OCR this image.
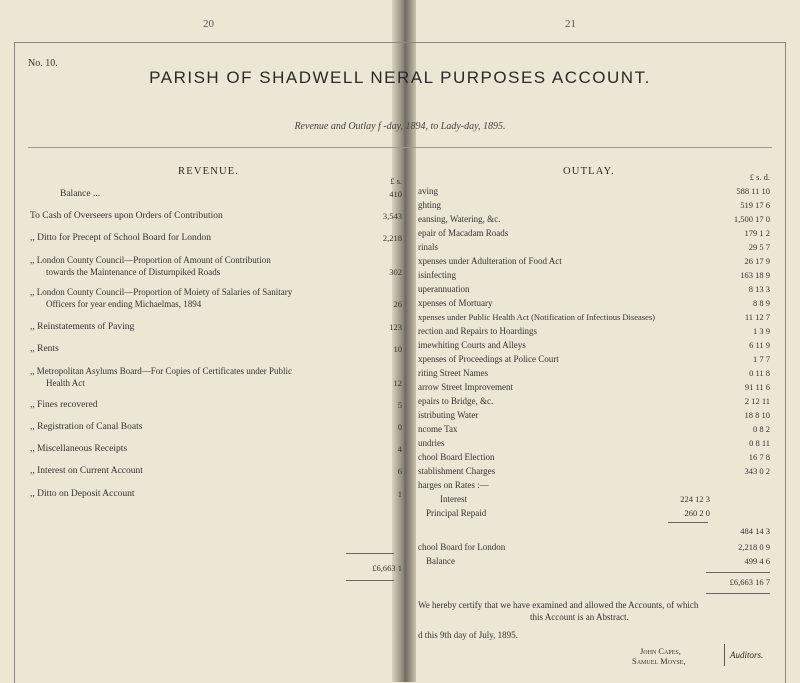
20	21
No. 10.
PARISH OF SHADWELL NERAL PURPOSES ACCOUNT.
Revenue and Outlay f -day, 1894, to Lady-day, 1895.
REVENUE.
£ s.
Balance ...	410
To Cash of Overseers upon Orders of Contribution	3,543
,, Ditto for Precept of School Board for London	2,218
,, London County Council—Proportion of Amount of Contribution
towards the Maintenance of Disturnpiked Roads	302
,, London County Council—Proportion of Moiety of Salaries of Sanitary
Officers for year ending Michaelmas, 1894	26
,, Reinstatements of Paving	123
,, Rents	10
,, Metropolitan Asylums Board—For Copies of Certificates under Public
Health Act	12
,, Fines recovered	5
,, Registration of Canal Boats	0
,, Miscellaneous Receipts	4
,, Interest on Current Account	6
,, Ditto on Deposit Account	1
£6,663 1
OUTLAY.	£ s. d.
aving	588 11 10
ghting	519 17 6
eansing, Watering, &c.	1,500 17 0
epair of Macadam Roads	179 1 2
rinals	29 5 7
xpenses under Adulteration of Food Act	26 17 9
isinfecting	163 18 9
uperannuation	8 13 3
xpenses of Mortuary	8 8 9
xpenses under Public Health Act (Notification of Infectious Diseases)	11 12 7
rection and Repairs to Hoardings	1 3 9
imewhiting Courts and Alleys	6 11 9
xpenses of Proceedings at Police Court	1 7 7
riting Street Names	0 11 8
arrow Street Improvement	91 11 6
epairs to Bridge, &c.	2 12 11
istributing Water	18 8 10
ncome Tax	0 8 2
undries	0 8 11
chool Board Election	16 7 8
stablishment Charges	343 0 2
harges on Rates :—
Interest	224 12 3
Principal Repaid	260 2 0
484 14 3
chool Board for London	2,218 0 9
Balance	499 4 6
£6,663 16 7
We hereby certify that we have examined and allowed the Accounts, of which
this Account is an Abstract.
d this 9th day of July, 1895.
John Capes,
Samuel Moyse,
Auditors.
